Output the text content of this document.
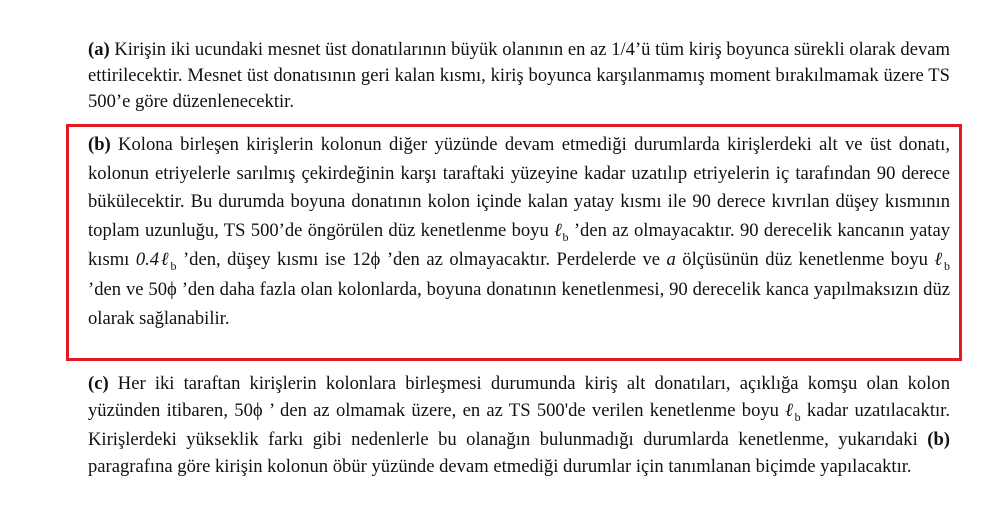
(a) Kirişin iki ucundaki mesnet üst donatılarının büyük olanının en az 1/4’ü tüm kiriş boyunca sürekli olarak devam ettirilecektir. Mesnet üst donatısının geri kalan kısmı, kiriş boyunca karşılanmamış moment bırakılmamak üzere TS 500’e göre düzenlenecektir.

(b) Kolona birleşen kirişlerin kolonun diğer yüzünde devam etmediği durumlarda kirişlerdeki alt ve üst donatı, kolonun etriyelerle sarılmış çekirdeğinin karşı taraftaki yüzeyine kadar uzatılıp etriyelerin iç tarafından 90 derece bükülecektir. Bu durumda boyuna donatının kolon içinde kalan yatay kısmı ile 90 derece kıvrılan düşey kısmının toplam uzunluğu, TS 500’de öngörülen düz kenetlenme boyu ℓ$_b$ ’den az olmayacaktır. 90 derecelik kancanın yatay kısmı 0.4ℓ$_b$ ’den, düşey kısmı ise 12ϕ ’den az olmayacaktır. Perdelerde ve a ölçüsünün düz kenetlenme boyu ℓ$_b$ ’den ve 50ϕ ’den daha fazla olan kolonlarda, boyuna donatının kenetlenmesi, 90 derecelik kanca yapılmaksızın düz olarak sağlanabilir.

(c) Her iki taraftan kirişlerin kolonlara birleşmesi durumunda kiriş alt donatıları, açıklığa komşu olan kolon yüzünden itibaren, 50ϕ ’ den az olmamak üzere, en az TS 500'de verilen kenetlenme boyu ℓ$_b$ kadar uzatılacaktır. Kirişlerdeki yükseklik farkı gibi nedenlerle bu olanağın bulunmadığı durumlarda kenetlenme, yukarıdaki (b) paragrafına göre kirişin kolonun öbür yüzünde devam etmediği durumlar için tanımlanan biçimde yapılacaktır.
